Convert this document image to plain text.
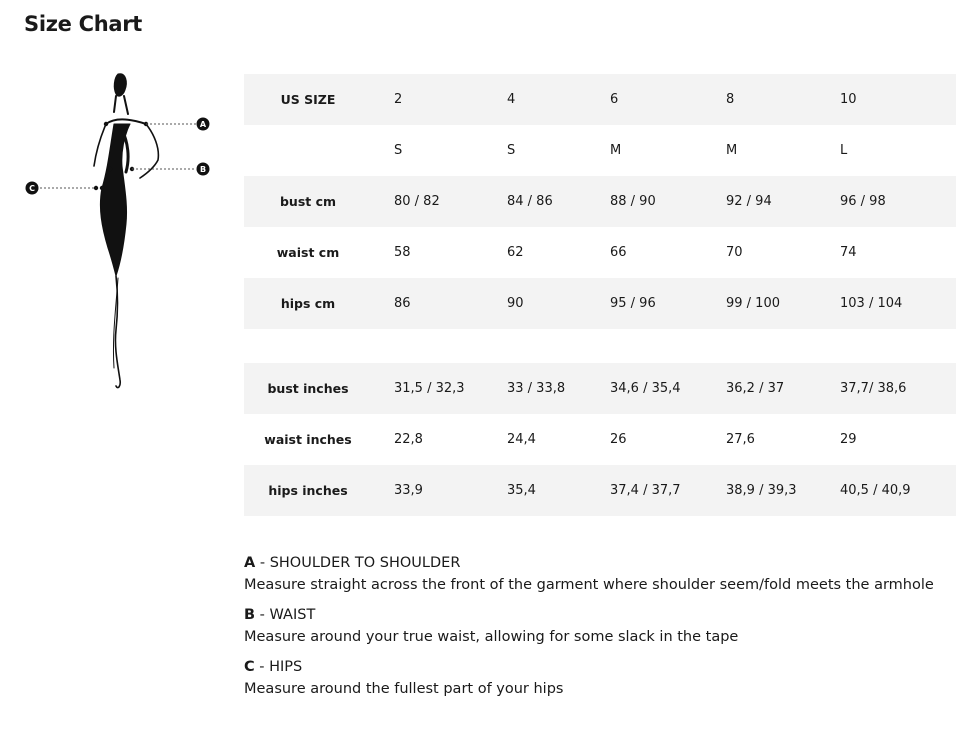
Size Chart
A
B
C
US SIZE	2	4	6	8	10
	S	S	M	M	L
bust cm	80 / 82	84 / 86	88 / 90	92 / 94	96 / 98
waist cm	58	62	66	70	74
hips cm	86	90	95 / 96	99 / 100	103 / 104

bust inches	31,5 / 32,3	33 / 33,8	34,6 / 35,4	36,2 / 37	37,7/ 38,6
waist inches	22,8	24,4	26	27,6	29
hips inches	33,9	35,4	37,4 / 37,7	38,9 / 39,3	40,5 / 40,9
A - SHOULDER TO SHOULDER
Measure straight across the front of the garment where shoulder seem/fold meets the armhole
B - WAIST
Measure around your true waist, allowing for some slack in the tape
C - HIPS
Measure around the fullest part of your hips
